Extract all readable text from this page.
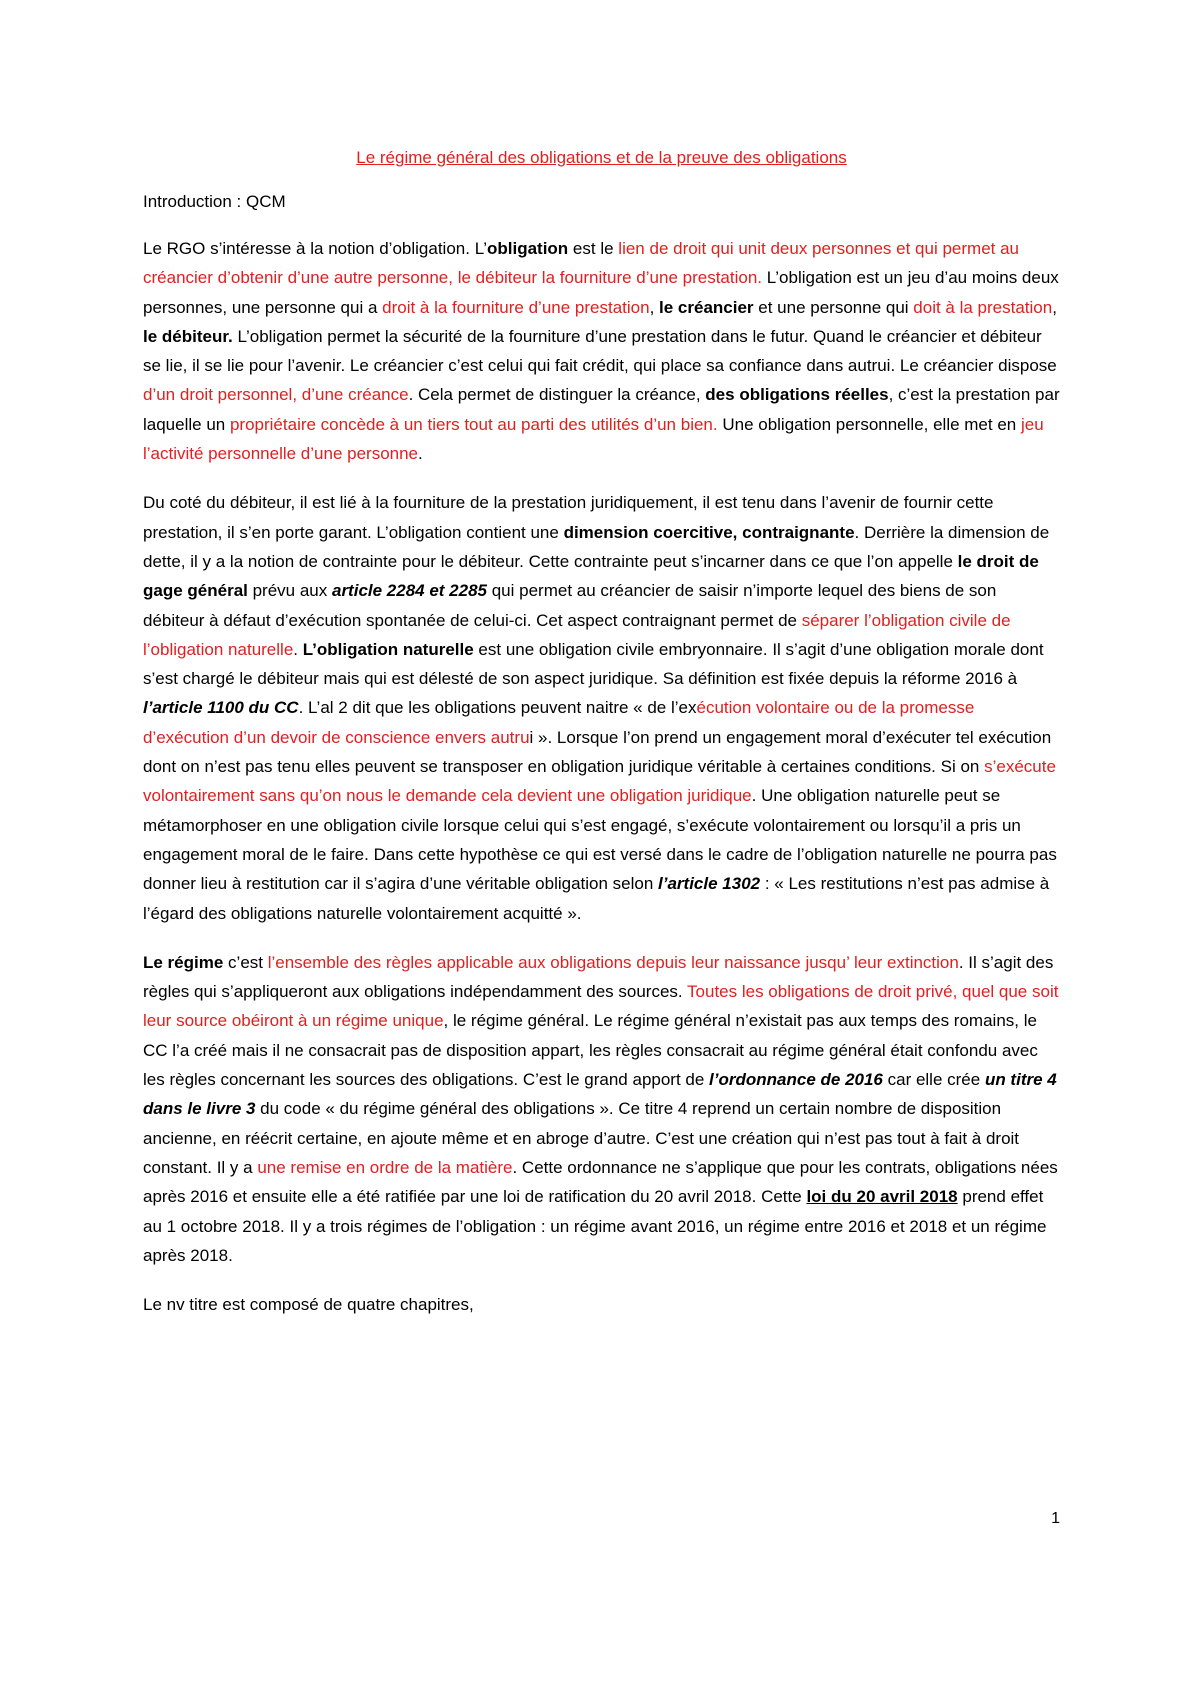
Le régime général des obligations et de la preuve des obligations
Introduction : QCM
Le RGO s’intéresse à la notion d’obligation. L’obligation est le lien de droit qui unit deux personnes et qui permet au créancier d’obtenir d’une autre personne, le débiteur la fourniture d’une prestation. L’obligation est un jeu d’au moins deux personnes, une personne qui a droit à la fourniture d’une prestation, le créancier et une personne qui doit à la prestation, le débiteur. L’obligation permet la sécurité de la fourniture d’une prestation dans le futur. Quand le créancier et débiteur se lie, il se lie pour l’avenir. Le créancier c’est celui qui fait crédit, qui place sa confiance dans autrui. Le créancier dispose d’un droit personnel, d’une créance. Cela permet de distinguer la créance, des obligations réelles, c’est la prestation par laquelle un propriétaire concède à un tiers tout au parti des utilités d’un bien. Une obligation personnelle, elle met en jeu l’activité personnelle d’une personne.
Du coté du débiteur, il est lié à la fourniture de la prestation juridiquement, il est tenu dans l’avenir de fournir cette prestation, il s’en porte garant. L’obligation contient une dimension coercitive, contraignante. Derrière la dimension de dette, il y a la notion de contrainte pour le débiteur. Cette contrainte peut s’incarner dans ce que l’on appelle le droit de gage général prévu aux article 2284 et 2285 qui permet au créancier de saisir n’importe lequel des biens de son débiteur à défaut d’exécution spontanée de celui-ci. Cet aspect contraignant permet de séparer l’obligation civile de l’obligation naturelle. L’obligation naturelle est une obligation civile embryonnaire. Il s’agit d’une obligation morale dont s’est chargé le débiteur mais qui est délesté de son aspect juridique. Sa définition est fixée depuis la réforme 2016 à l’article 1100 du CC. L’al 2 dit que les obligations peuvent naitre « de l’exécution volontaire ou de la promesse d’exécution d’un devoir de conscience envers autrui ». Lorsque l’on prend un engagement moral d’exécuter tel exécution dont on n’est pas tenu elles peuvent se transposer en obligation juridique véritable à certaines conditions. Si on s’exécute volontairement sans qu’on nous le demande cela devient une obligation juridique. Une obligation naturelle peut se métamorphoser en une obligation civile lorsque celui qui s’est engagé, s’exécute volontairement ou lorsqu’il a pris un engagement moral de le faire. Dans cette hypothèse ce qui est versé dans le cadre de l’obligation naturelle ne pourra pas donner lieu à restitution car il s’agira d’une véritable obligation selon l’article 1302 : « Les restitutions n’est pas admise à l’égard des obligations naturelle volontairement acquitté ».
Le régime c’est l’ensemble des règles applicable aux obligations depuis leur naissance jusqu’ leur extinction. Il s’agit des règles qui s’appliqueront aux obligations indépendamment des sources. Toutes les obligations de droit privé, quel que soit leur source obéiront à un régime unique, le régime général. Le régime général n’existait pas aux temps des romains, le CC l’a créé mais il ne consacrait pas de disposition appart, les règles consacrait au régime général était confondu avec les règles concernant les sources des obligations. C’est le grand apport de l’ordonnance de 2016 car elle crée un titre 4 dans le livre 3 du code « du régime général des obligations ». Ce titre 4 reprend un certain nombre de disposition ancienne, en réécrit certaine, en ajoute même et en abroge d’autre. C’est une création qui n’est pas tout à fait à droit constant. Il y a une remise en ordre de la matière. Cette ordonnance ne s’applique que pour les contrats, obligations nées après 2016 et ensuite elle a été ratifiée par une loi de ratification du 20 avril 2018. Cette loi du 20 avril 2018 prend effet au 1 octobre 2018. Il y a trois régimes de l’obligation : un régime avant 2016, un régime entre 2016 et 2018 et un régime après 2018.
Le nv titre est composé de quatre chapitres,
1
